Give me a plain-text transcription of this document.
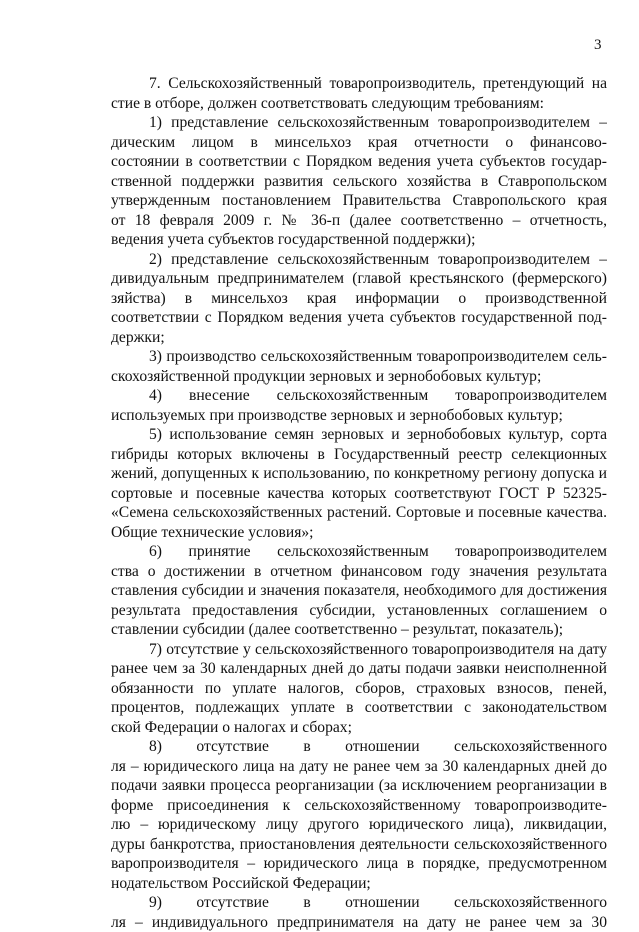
3
7. Сельскохозяйственный товаропроизводитель, претендующий на
стие в отборе, должен соответствовать следующим требованиям:
1) представление сельскохозяйственным товаропроизводителем –
дическим лицом в минсельхоз края отчетности о финансово-
состоянии в соответствии с Порядком ведения учета субъектов государ-
ственной поддержки развития сельского хозяйства в Ставропольском
утвержденным постановлением Правительства Ставропольского края
от 18 февраля 2009 г. № 36-п (далее соответственно – отчетность,
ведения учета субъектов государственной поддержки);
2) представление сельскохозяйственным товаропроизводителем –
дивидуальным предпринимателем (главой крестьянского (фермерского)
зяйства) в минсельхоз края информации о производственной
соответствии с Порядком ведения учета субъектов государственной под-
держки;
3) производство сельскохозяйственным товаропроизводителем сель-
скохозяйственной продукции зерновых и зернобобовых культур;
4) внесение сельскохозяйственным товаропроизводителем
используемых при производстве зерновых и зернобобовых культур;
5) использование семян зерновых и зернобобовых культур, сорта
гибриды которых включены в Государственный реестр селекционных
жений, допущенных к использованию, по конкретному региону допуска и
сортовые и посевные качества которых соответствуют ГОСТ Р 52325-
«Семена сельскохозяйственных растений. Сортовые и посевные качества.
Общие технические условия»;
6) принятие сельскохозяйственным товаропроизводителем
ства о достижении в отчетном финансовом году значения результата
ставления субсидии и значения показателя, необходимого для достижения
результата предоставления субсидии, установленных соглашением о
ставлении субсидии (далее соответственно – результат, показатель);
7) отсутствие у сельскохозяйственного товаропроизводителя на дату
ранее чем за 30 календарных дней до даты подачи заявки неисполненной
обязанности по уплате налогов, сборов, страховых взносов, пеней,
процентов, подлежащих уплате в соответствии с законодательством
ской Федерации о налогах и сборах;
8) отсутствие в отношении сельскохозяйственного
ля – юридического лица на дату не ранее чем за 30 календарных дней до
подачи заявки процесса реорганизации (за исключением реорганизации в
форме присоединения к сельскохозяйственному товаропроизводите-
лю – юридическому лицу другого юридического лица), ликвидации,
дуры банкротства, приостановления деятельности сельскохозяйственного
варопроизводителя – юридического лица в порядке, предусмотренном
нодательством Российской Федерации;
9) отсутствие в отношении сельскохозяйственного
ля – индивидуального предпринимателя на дату не ранее чем за 30
